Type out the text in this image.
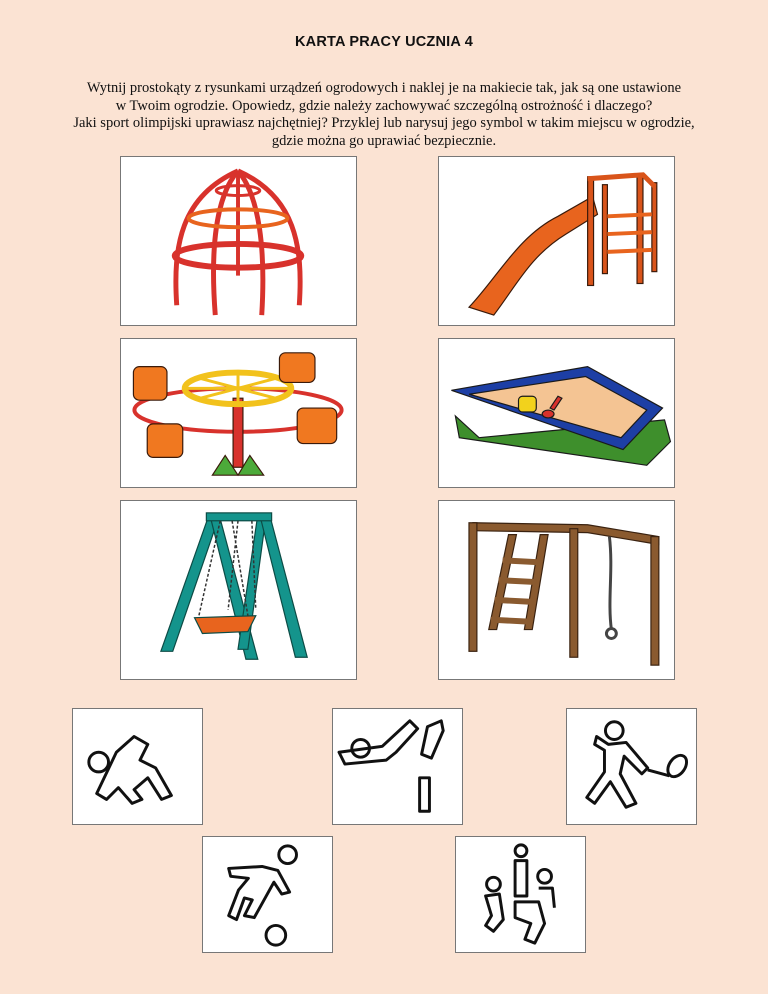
KARTA PRACY UCZNIA 4
Wytnij prostokąty z rysunkami urządzeń ogrodowych i naklej je na makiecie tak, jak są one ustawione
w Twoim ogrodzie. Opowiedz, gdzie należy zachowywać szczególną ostrożność i dlaczego?
Jaki sport olimpijski uprawiasz najchętniej? Przyklej lub narysuj jego symbol w takim miejscu w ogrodzie,
gdzie można go uprawiać bezpiecznie.
